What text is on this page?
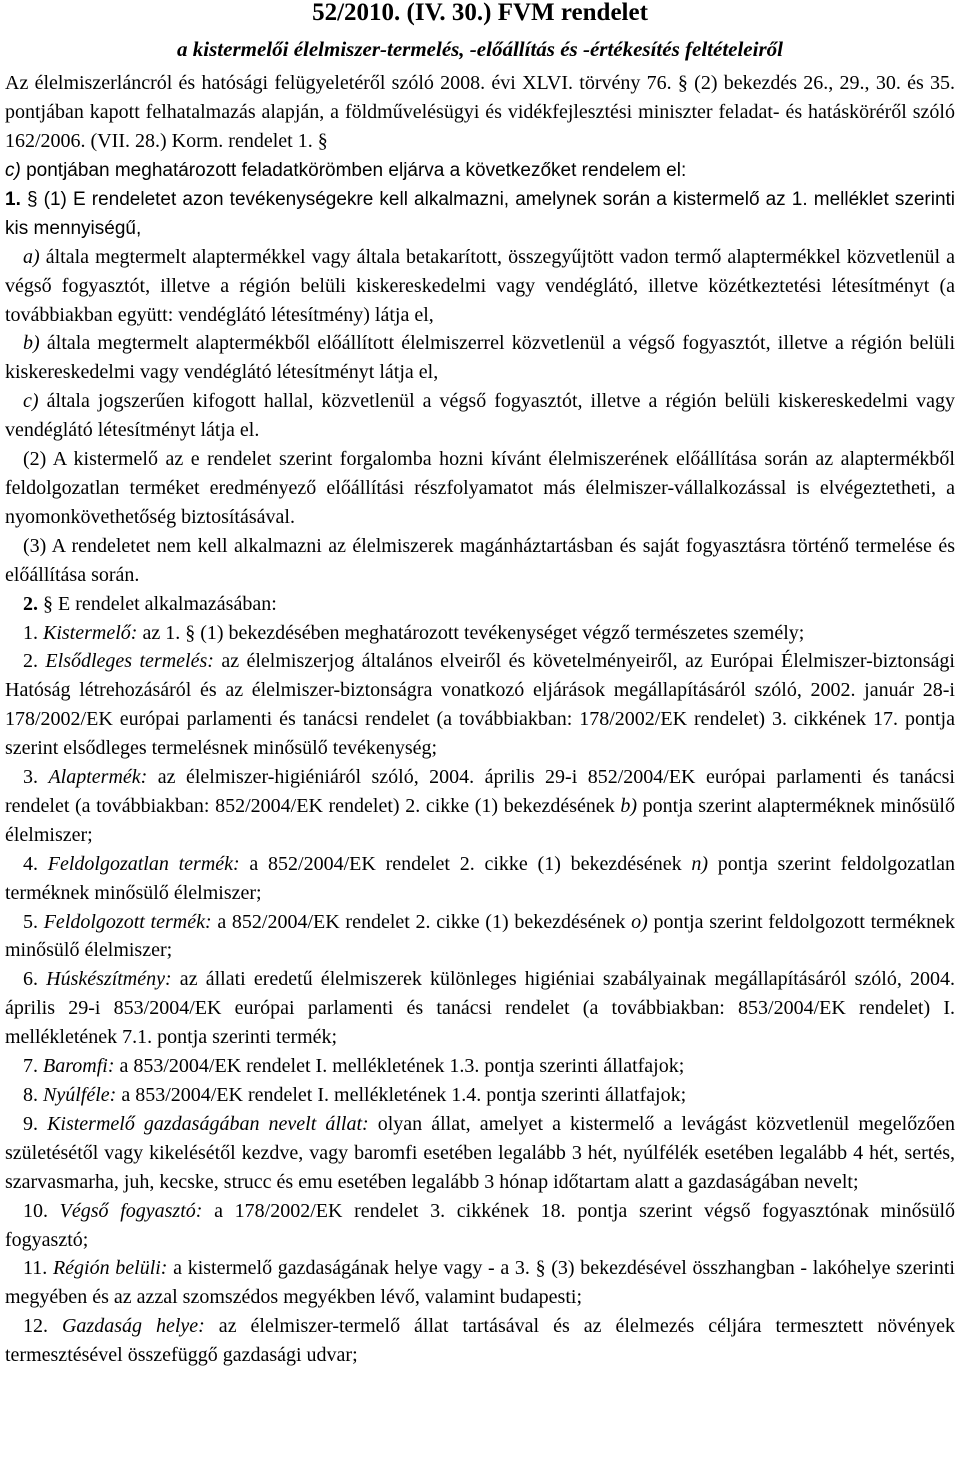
52/2010. (IV. 30.) FVM rendelet
a kistermelői élelmiszer-termelés, -előállítás és -értékesítés feltételeiről

Az élelmiszerláncról és hatósági felügyeletéről szóló 2008. évi XLVI. törvény 76. § (2) bekezdés 26., 29., 30. és 35. pontjában kapott felhatalmazás alapján, a földművelésügyi és vidékfejlesztési miniszter feladat- és hatásköréről szóló 162/2006. (VII. 28.) Korm. rendelet 1. §
c) pontjában meghatározott feladatkörömben eljárva a következőket rendelem el:

1. § (1) E rendeletet azon tevékenységekre kell alkalmazni, amelynek során a kistermelő az 1. melléklet szerinti kis mennyiségű,

a) általa megtermelt alaptermékkel vagy általa betakarított, összegyűjtött vadon termő alaptermékkel közvetlenül a végső fogyasztót, illetve a régión belüli kiskereskedelmi vagy vendéglátó, illetve közétkeztetési létesítményt (a továbbiakban együtt: vendéglátó létesítmény) látja el,

b) általa megtermelt alaptermékből előállított élelmiszerrel közvetlenül a végső fogyasztót, illetve a régión belüli kiskereskedelmi vagy vendéglátó létesítményt látja el,

c) általa jogszerűen kifogott hallal, közvetlenül a végső fogyasztót, illetve a régión belüli kiskereskedelmi vagy vendéglátó létesítményt látja el.

(2) A kistermelő az e rendelet szerint forgalomba hozni kívánt élelmiszerének előállítása során az alaptermékből feldolgozatlan terméket eredményező előállítási részfolyamatot más élelmiszer-vállalkozással is elvégeztetheti, a nyomonkövethetőség biztosításával.

(3) A rendeletet nem kell alkalmazni az élelmiszerek magánháztartásban és saját fogyasztásra történő termelése és előállítása során.

2. § E rendelet alkalmazásában:

1. Kistermelő: az 1. § (1) bekezdésében meghatározott tevékenységet végző természetes személy;

2. Elsődleges termelés: az élelmiszerjog általános elveiről és követelményeiről, az Európai Élelmiszer-biztonsági Hatóság létrehozásáról és az élelmiszer-biztonságra vonatkozó eljárások megállapításáról szóló, 2002. január 28-i 178/2002/EK európai parlamenti és tanácsi rendelet (a továbbiakban: 178/2002/EK rendelet) 3. cikkének 17. pontja szerint elsődleges termelésnek minősülő tevékenység;

3. Alaptermék: az élelmiszer-higiéniáról szóló, 2004. április 29-i 852/2004/EK európai parlamenti és tanácsi rendelet (a továbbiakban: 852/2004/EK rendelet) 2. cikke (1) bekezdésének b) pontja szerint alapterméknek minősülő élelmiszer;

4. Feldolgozatlan termék: a 852/2004/EK rendelet 2. cikke (1) bekezdésének n) pontja szerint feldolgozatlan terméknek minősülő élelmiszer;

5. Feldolgozott termék: a 852/2004/EK rendelet 2. cikke (1) bekezdésének o) pontja szerint feldolgozott terméknek minősülő élelmiszer;

6. Húskészítmény: az állati eredetű élelmiszerek különleges higiéniai szabályainak megállapításáról szóló, 2004. április 29-i 853/2004/EK európai parlamenti és tanácsi rendelet (a továbbiakban: 853/2004/EK rendelet) I. mellékletének 7.1. pontja szerinti termék;

7. Baromfi: a 853/2004/EK rendelet I. mellékletének 1.3. pontja szerinti állatfajok;

8. Nyúlféle: a 853/2004/EK rendelet I. mellékletének 1.4. pontja szerinti állatfajok;

9. Kistermelő gazdaságában nevelt állat: olyan állat, amelyet a kistermelő a levágást közvetlenül megelőzően születésétől vagy kikelésétől kezdve, vagy baromfi esetében legalább 3 hét, nyúlfélék esetében legalább 4 hét, sertés, szarvasmarha, juh, kecske, strucc és emu esetében legalább 3 hónap időtartam alatt a gazdaságában nevelt;

10. Végső fogyasztó: a 178/2002/EK rendelet 3. cikkének 18. pontja szerint végső fogyasztónak minősülő fogyasztó;

11. Régión belüli: a kistermelő gazdaságának helye vagy - a 3. § (3) bekezdésével összhangban - lakóhelye szerinti megyében és az azzal szomszédos megyékben lévő, valamint budapesti;

12. Gazdaság helye: az élelmiszer-termelő állat tartásával és az élelmezés céljára termesztett növények termesztésével összefüggő gazdasági udvar;
